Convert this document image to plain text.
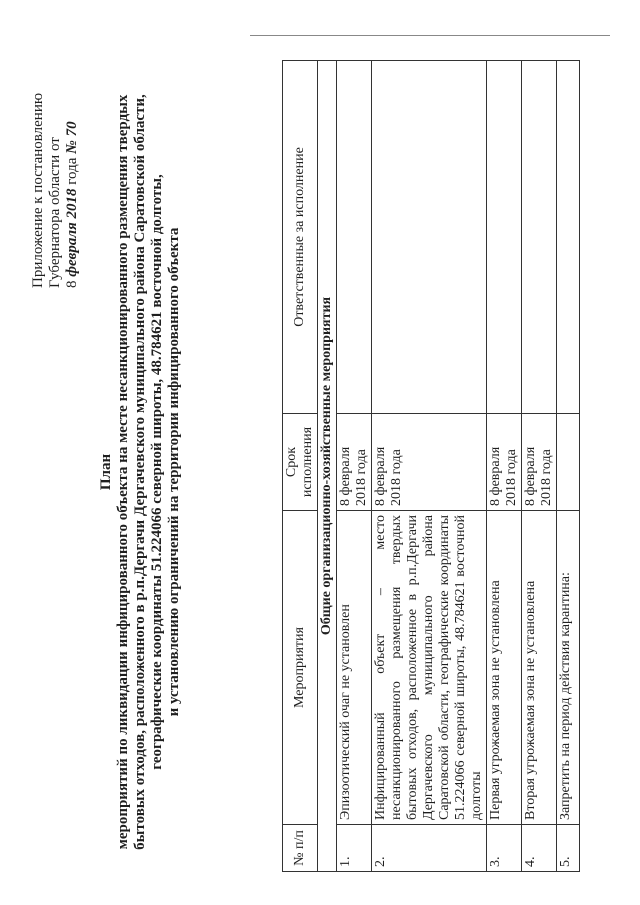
Приложение к постановлению Губернатора области от 8 февраля 2018 года № 70
План мероприятий по ликвидации инфицированного объекта на месте несанкционированного размещения твердых бытовых отходов, расположенного в р.п.Дергачи Дергачевского муниципального района Саратовской области, географические координаты 51.224066 северной широты, 48.784621 восточной долготы, и установлению ограничений на территории инфицированного объекта
№ п/п	Мероприятия	Срок исполнения	Ответственные за исполнение
Общие организационно-хозяйственные мероприятия			
1.	Эпизоотический очаг не установлен	8 февраля 2018 года	
2.	Инфицированный объект – место несанкционированного размещения твердых бытовых отходов, расположенное в р.п.Дергачи Дергачевского муниципального района Саратовской области, географические координаты 51.224066 северной широты, 48.784621 восточной долготы	8 февраля 2018 года	
3.	Первая угрожаемая зона не установлена	8 февраля 2018 года	
4.	Вторая угрожаемая зона не установлена	8 февраля 2018 года	
5.	Запретить на период действия карантина:		
